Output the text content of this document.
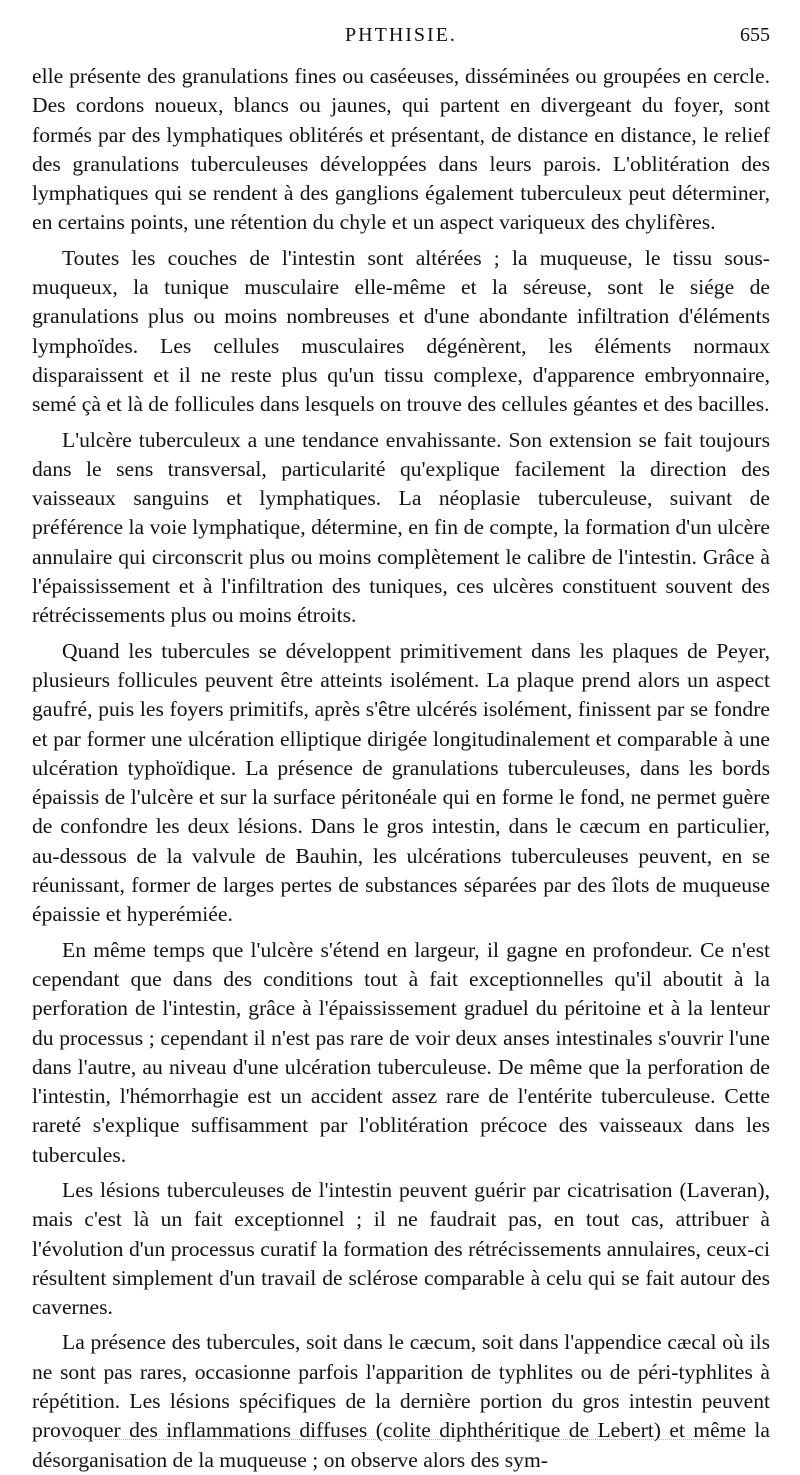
PHTHISIE.	655

elle présente des granulations fines ou caséeuses, disséminées ou groupées en cercle. Des cordons noueux, blancs ou jaunes, qui partent en divergeant du foyer, sont formés par des lymphatiques oblitérés et présentant, de distance en distance, le relief des granulations tuberculeuses développées dans leurs parois. L'oblitération des lymphatiques qui se rendent à des ganglions également tuberculeux peut déterminer, en certains points, une rétention du chyle et un aspect variqueux des chylifères.

Toutes les couches de l'intestin sont altérées ; la muqueuse, le tissu sous-muqueux, la tunique musculaire elle-même et la séreuse, sont le siége de granulations plus ou moins nombreuses et d'une abondante infiltration d'éléments lymphoïdes. Les cellules musculaires dégénèrent, les éléments normaux disparaissent et il ne reste plus qu'un tissu complexe, d'apparence embryonnaire, semé çà et là de follicules dans lesquels on trouve des cellules géantes et des bacilles.

L'ulcère tuberculeux a une tendance envahissante. Son extension se fait toujours dans le sens transversal, particularité qu'explique facilement la direction des vaisseaux sanguins et lymphatiques. La néoplasie tuberculeuse, suivant de préférence la voie lymphatique, détermine, en fin de compte, la formation d'un ulcère annulaire qui circonscrit plus ou moins complètement le calibre de l'intestin. Grâce à l'épaississement et à l'infiltration des tuniques, ces ulcères constituent souvent des rétrécissements plus ou moins étroits.

Quand les tubercules se développent primitivement dans les plaques de Peyer, plusieurs follicules peuvent être atteints isolément. La plaque prend alors un aspect gaufré, puis les foyers primitifs, après s'être ulcérés isolément, finissent par se fondre et par former une ulcération elliptique dirigée longitudinalement et comparable à une ulcération typhoïdique. La présence de granulations tuberculeuses, dans les bords épaissis de l'ulcère et sur la surface péritonéale qui en forme le fond, ne permet guère de confondre les deux lésions. Dans le gros intestin, dans le cæcum en particulier, au-dessous de la valvule de Bauhin, les ulcérations tuberculeuses peuvent, en se réunissant, former de larges pertes de substances séparées par des îlots de muqueuse épaissie et hyperémiée.

En même temps que l'ulcère s'étend en largeur, il gagne en profondeur. Ce n'est cependant que dans des conditions tout à fait exceptionnelles qu'il aboutit à la perforation de l'intestin, grâce à l'épaississement graduel du péritoine et à la lenteur du processus ; cependant il n'est pas rare de voir deux anses intestinales s'ouvrir l'une dans l'autre, au niveau d'une ulcération tuberculeuse. De même que la perforation de l'intestin, l'hémorrhagie est un accident assez rare de l'entérite tuberculeuse. Cette rareté s'explique suffisamment par l'oblitération précoce des vaisseaux dans les tubercules.

Les lésions tuberculeuses de l'intestin peuvent guérir par cicatrisation (Laveran), mais c'est là un fait exceptionnel ; il ne faudrait pas, en tout cas, attribuer à l'évolution d'un processus curatif la formation des rétrécissements annulaires, ceux-ci résultent simplement d'un travail de sclérose comparable à celu qui se fait autour des cavernes.

La présence des tubercules, soit dans le cæcum, soit dans l'appendice cæcal où ils ne sont pas rares, occasionne parfois l'apparition de typhlites ou de péri-typhlites à répétition. Les lésions spécifiques de la dernière portion du gros intestin peuvent provoquer des inflammations diffuses (colite diphthéritique de Lebert) et même la désorganisation de la muqueuse ; on observe alors des sym-
